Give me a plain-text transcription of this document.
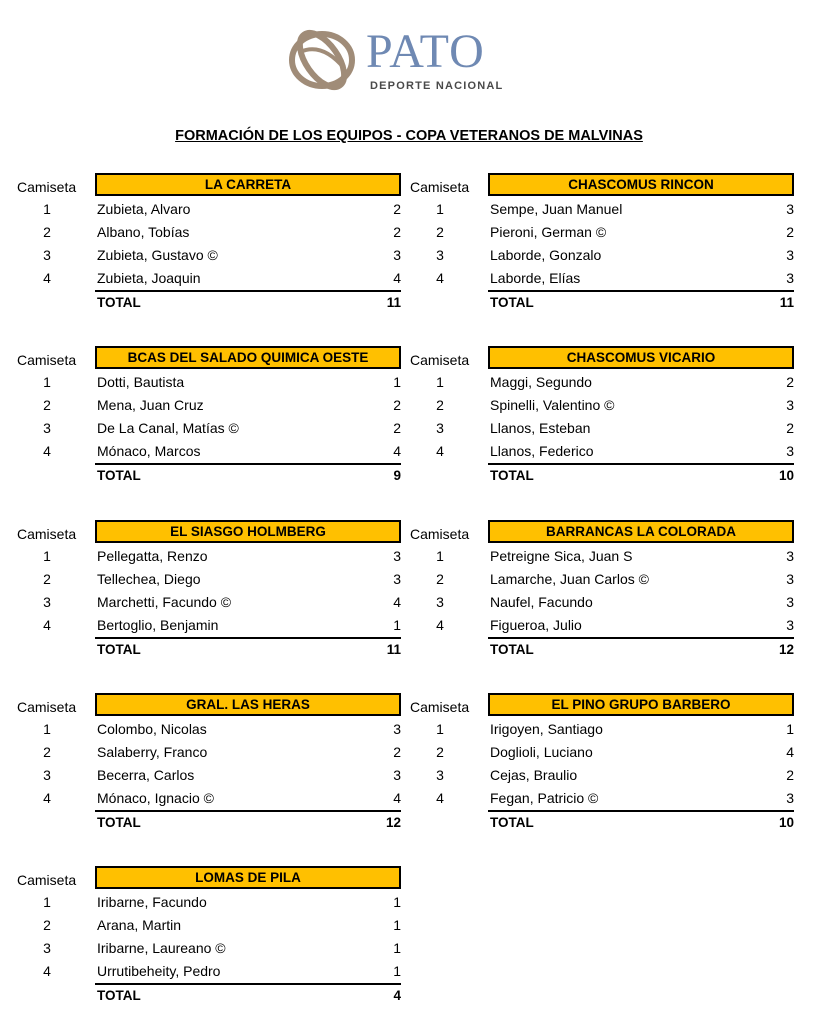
PATO
DEPORTE NACIONAL
FORMACIÓN DE LOS EQUIPOS - COPA VETERANOS DE MALVINAS
Camiseta	LA CARRETA
1	Zubieta, Alvaro	2
2	Albano, Tobías	2
3	Zubieta, Gustavo ©	3
4	Zubieta, Joaquin	4
TOTAL	11
Camiseta	CHASCOMUS RINCON
1	Sempe, Juan Manuel	3
2	Pieroni, German ©	2
3	Laborde, Gonzalo	3
4	Laborde, Elías	3
TOTAL	11
Camiseta	BCAS DEL SALADO QUIMICA OESTE
1	Dotti, Bautista	1
2	Mena, Juan Cruz	2
3	De La Canal, Matías ©	2
4	Mónaco, Marcos	4
TOTAL	9
Camiseta	CHASCOMUS VICARIO
1	Maggi, Segundo	2
2	Spinelli, Valentino ©	3
3	Llanos, Esteban	2
4	Llanos, Federico	3
TOTAL	10
Camiseta	EL SIASGO HOLMBERG
1	Pellegatta, Renzo	3
2	Tellechea, Diego	3
3	Marchetti, Facundo ©	4
4	Bertoglio, Benjamin	1
TOTAL	11
Camiseta	BARRANCAS LA COLORADA
1	Petreigne Sica, Juan S	3
2	Lamarche, Juan Carlos ©	3
3	Naufel, Facundo	3
4	Figueroa, Julio	3
TOTAL	12
Camiseta	GRAL. LAS HERAS
1	Colombo, Nicolas	3
2	Salaberry, Franco	2
3	Becerra, Carlos	3
4	Mónaco, Ignacio ©	4
TOTAL	12
Camiseta	EL PINO GRUPO BARBERO
1	Irigoyen, Santiago	1
2	Doglioli, Luciano	4
3	Cejas, Braulio	2
4	Fegan, Patricio ©	3
TOTAL	10
Camiseta	LOMAS DE PILA
1	Iribarne, Facundo	1
2	Arana, Martin	1
3	Iribarne, Laureano ©	1
4	Urrutibeheity, Pedro	1
TOTAL	4
